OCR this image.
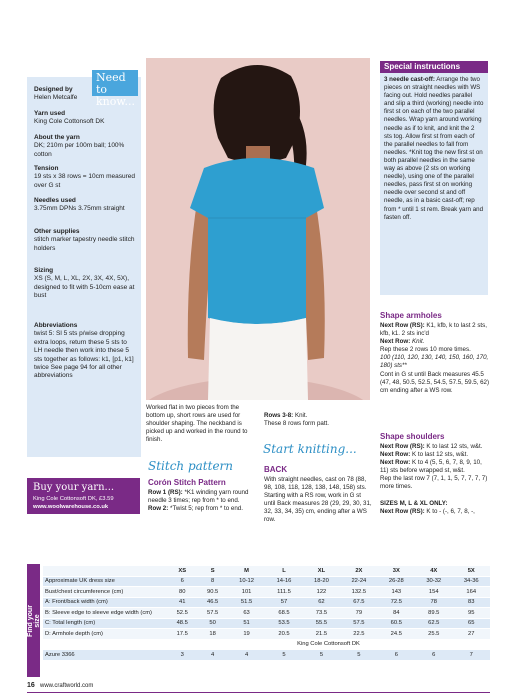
Need to know...
Designed by
Helen Metcalfe
Yarn used
King Cole Cottonsoft DK
About the yarn
DK; 210m per 100m ball; 100% cotton
Tension
19 sts x 38 rows = 10cm measured over G st
Needles used
3.75mm DPNs 3.75mm straight
Other supplies
stitch marker tapestry needle stitch holders
Sizing
XS (S, M, L, XL, 2X, 3X, 4X, 5X), designed to fit with 5-10cm ease at bust
Abbreviations
twist 5: Sl 5 sts p/wise dropping extra loops, return these 5 sts to LH needle then work into these 5 sts together as follows: k1, [p1, k1] twice See page 94 for all other abbreviations
Special instructions
3 needle cast-off: Arrange the two pieces on straight needles with WS facing out. Hold needles parallel and slip a third (working) needle into first st on each of the two parallel needles. Wrap yarn around working needle as if to knit, and knit the 2 sts tog. Allow first st from each of the parallel needles to fall from needles. *Knit tog the new first st on both parallel needles in the same way as above (2 sts on working needle), using one of the parallel needles, pass first st on working needle over second st and off needle, as in a basic cast-off; rep from * until 1 st rem. Break yarn and fasten off.
Shape armholes
Next Row (RS): K1, kfb, k to last 2 sts, kfb, k1. 2 sts inc'd
Next Row: Knit.
Rep these 2 rows 10 more times.
100 (110, 120, 130, 140, 150, 160, 170, 180) sts**
Cont in G st until Back measures 45.5 (47, 48, 50.5, 52.5, 54.5, 57.5, 59.5, 62) cm ending after a WS row.
Shape shoulders
Next Row (RS): K to last 12 sts, w&t.
Next Row: K to last 12 sts, w&t.
Next Row: K to 4 (5, 5, 6, 7, 8, 9, 10, 11) sts before wrapped st, w&t.
Rep the last row 7 (7, 1, 1, 5, 7, 7, 7, 7) more times.

SIZES M, L & XL ONLY:
Next Row (RS): K to - (-, 6, 7, 8, -,
Worked flat in two pieces from the bottom up, short rows are used for shoulder shaping. The neckband is picked up and worked in the round to finish.
Rows 3-8: Knit.
These 8 rows form patt.
Stitch pattern
Corón Stitch Pattern
Row 1 (RS): *K1 winding yarn round needle 3 times; rep from * to end.
Row 2: *Twist 5; rep from * to end.
Start knitting...
BACK
With straight needles, cast on 78 (88, 98, 108, 118, 128, 138, 148, 158) sts. Starting with a RS row, work in G st until Back measures 28 (29, 29, 30, 31, 32, 33, 34, 35) cm, ending after a WS row.
Buy your yarn...
King Cole Cottonsoft DK, £3.59
www.woolwarehouse.co.uk
Find your size
	XS	S	M	L	XL	2X	3X	4X	5X
Approximate UK dress size	6	8	10-12	14-16	18-20	22-24	26-28	30-32	34-36
Bust/chest circumference (cm)	80	90.5	101	111.5	122	132.5	143	154	164
A: Front/back width (cm)	41	46.5	51.5	57	62	67.5	72.5	78	83
B: Sleeve edge to sleeve edge width (cm)	52.5	57.5	63	68.5	73.5	79	84	89.5	95
C: Total length (cm)	48.5	50	51	53.5	55.5	57.5	60.5	62.5	65
D: Armhole depth (cm)	17.5	18	19	20.5	21.5	22.5	24.5	25.5	27
	King Cole Cottonsoft DK								
Azure 3366	3	4	4	5	5	5	6	6	7
16 www.craftworld.com
